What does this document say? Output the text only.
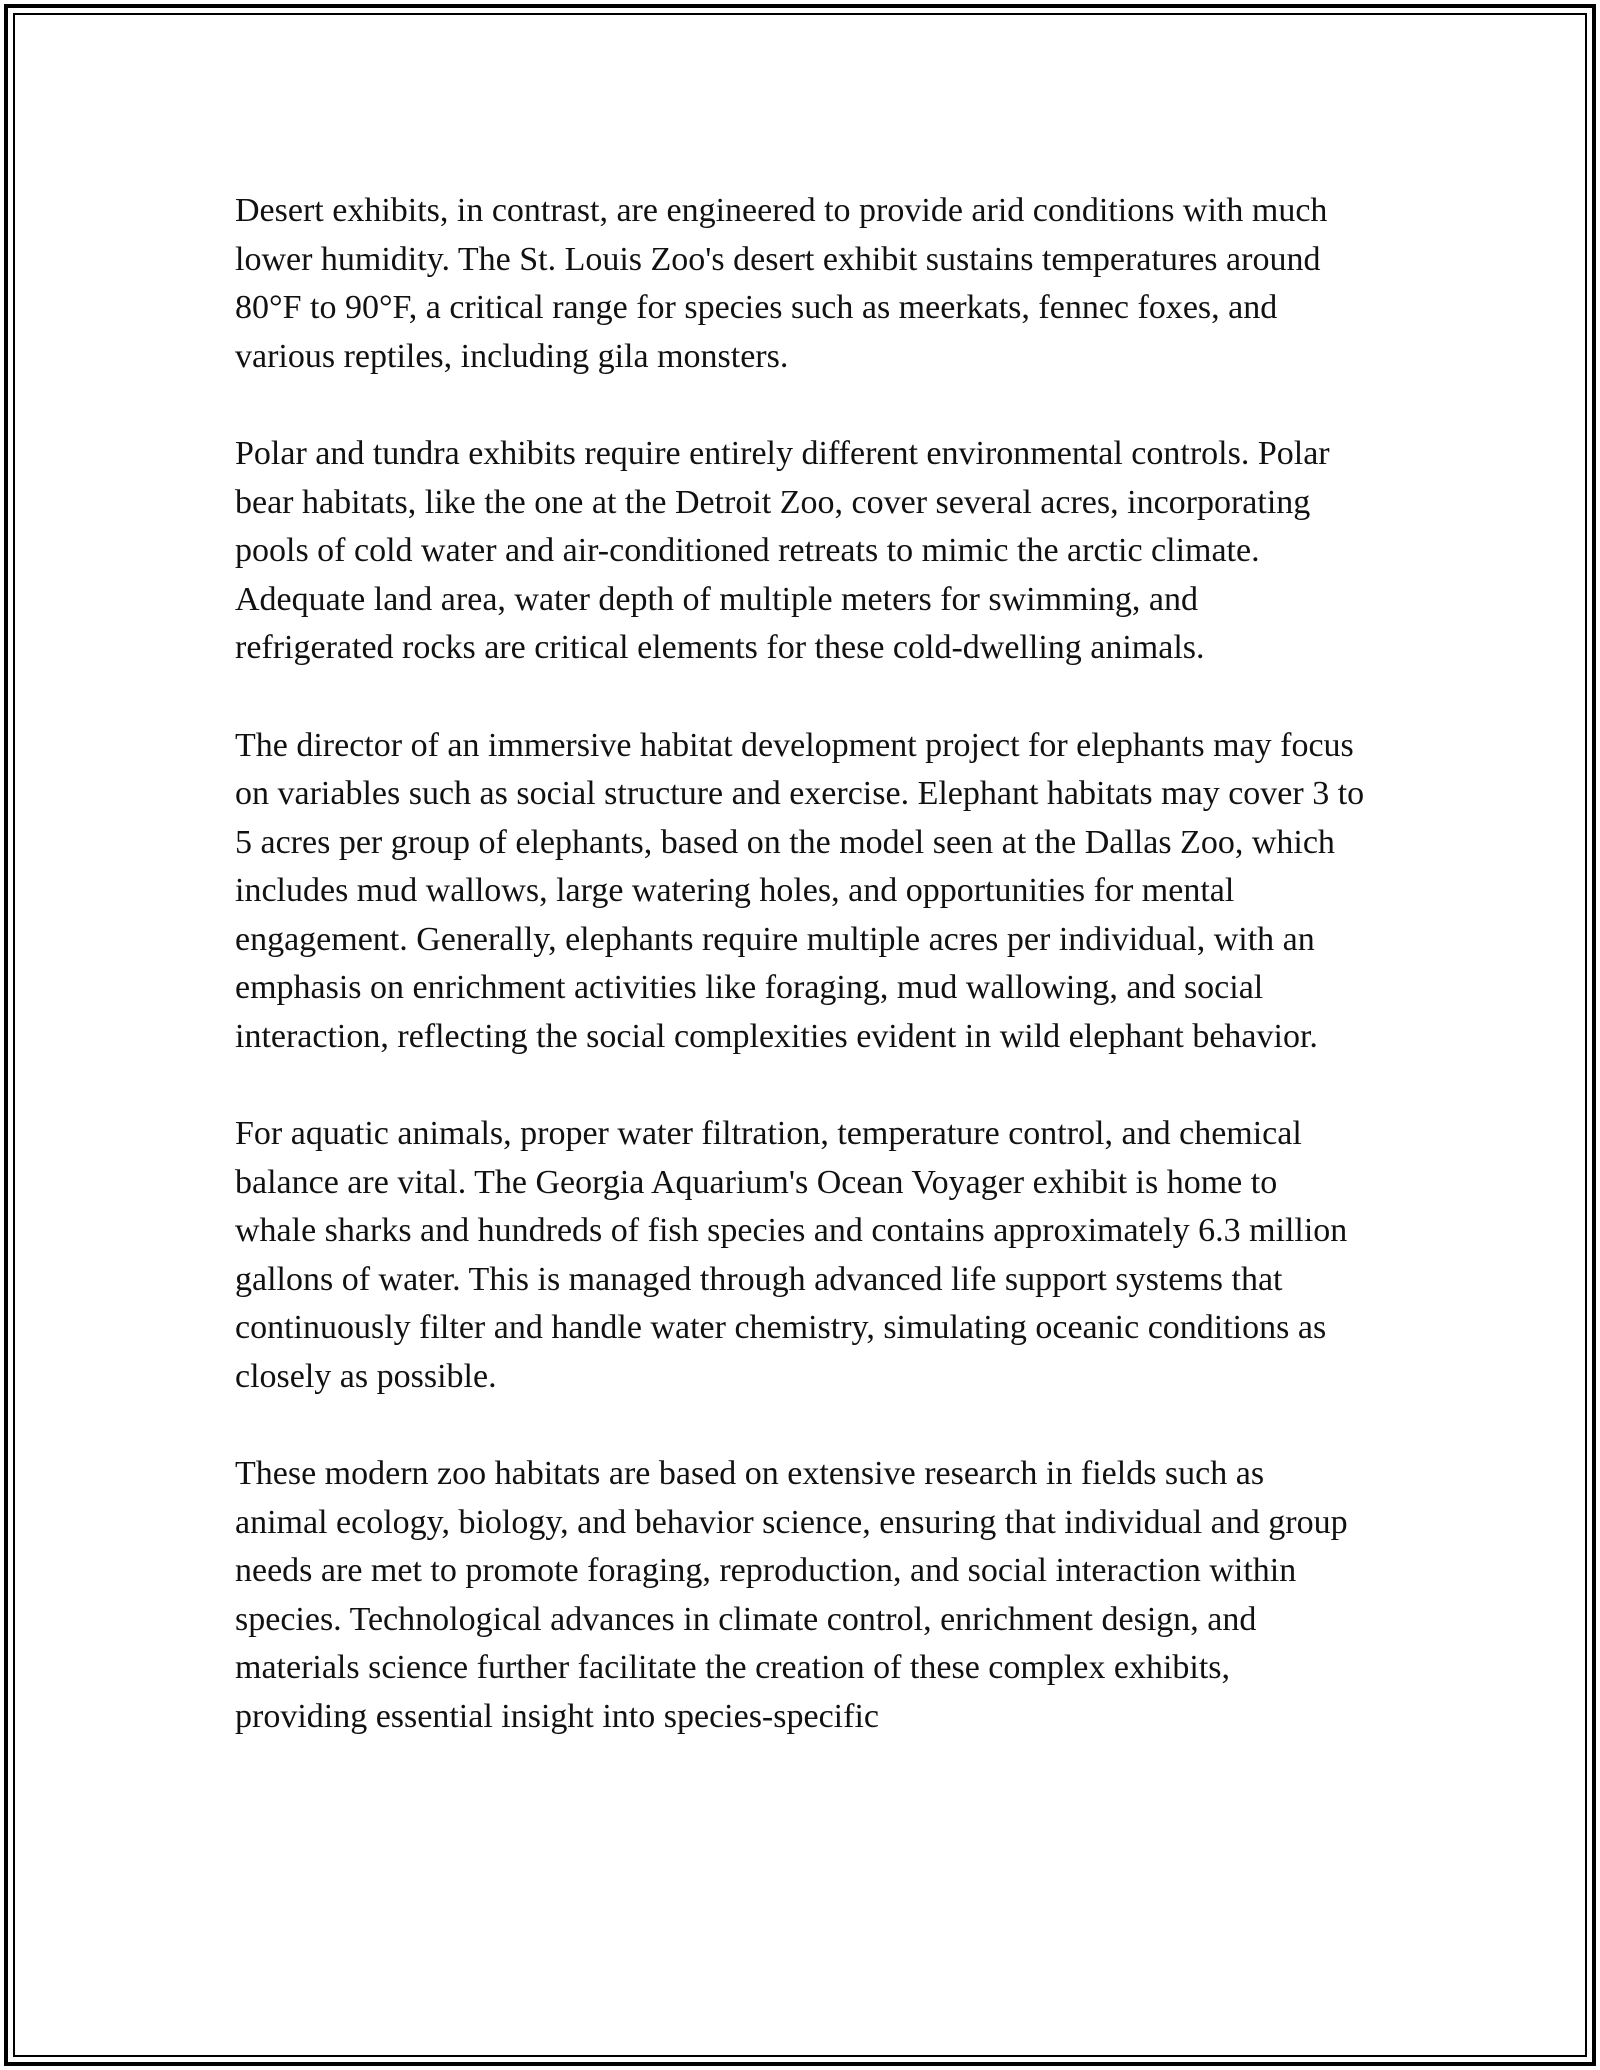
Desert exhibits, in contrast, are engineered to provide arid conditions with much lower humidity. The St. Louis Zoo's desert exhibit sustains temperatures around 80°F to 90°F, a critical range for species such as meerkats, fennec foxes, and various reptiles, including gila monsters.

Polar and tundra exhibits require entirely different environmental controls. Polar bear habitats, like the one at the Detroit Zoo, cover several acres, incorporating pools of cold water and air-conditioned retreats to mimic the arctic climate. Adequate land area, water depth of multiple meters for swimming, and refrigerated rocks are critical elements for these cold-dwelling animals.

The director of an immersive habitat development project for elephants may focus on variables such as social structure and exercise. Elephant habitats may cover 3 to 5 acres per group of elephants, based on the model seen at the Dallas Zoo, which includes mud wallows, large watering holes, and opportunities for mental engagement. Generally, elephants require multiple acres per individual, with an emphasis on enrichment activities like foraging, mud wallowing, and social interaction, reflecting the social complexities evident in wild elephant behavior.

For aquatic animals, proper water filtration, temperature control, and chemical balance are vital. The Georgia Aquarium's Ocean Voyager exhibit is home to whale sharks and hundreds of fish species and contains approximately 6.3 million gallons of water. This is managed through advanced life support systems that continuously filter and handle water chemistry, simulating oceanic conditions as closely as possible.

These modern zoo habitats are based on extensive research in fields such as animal ecology, biology, and behavior science, ensuring that individual and group needs are met to promote foraging, reproduction, and social interaction within species. Technological advances in climate control, enrichment design, and materials science further facilitate the creation of these complex exhibits, providing essential insight into species-specific
